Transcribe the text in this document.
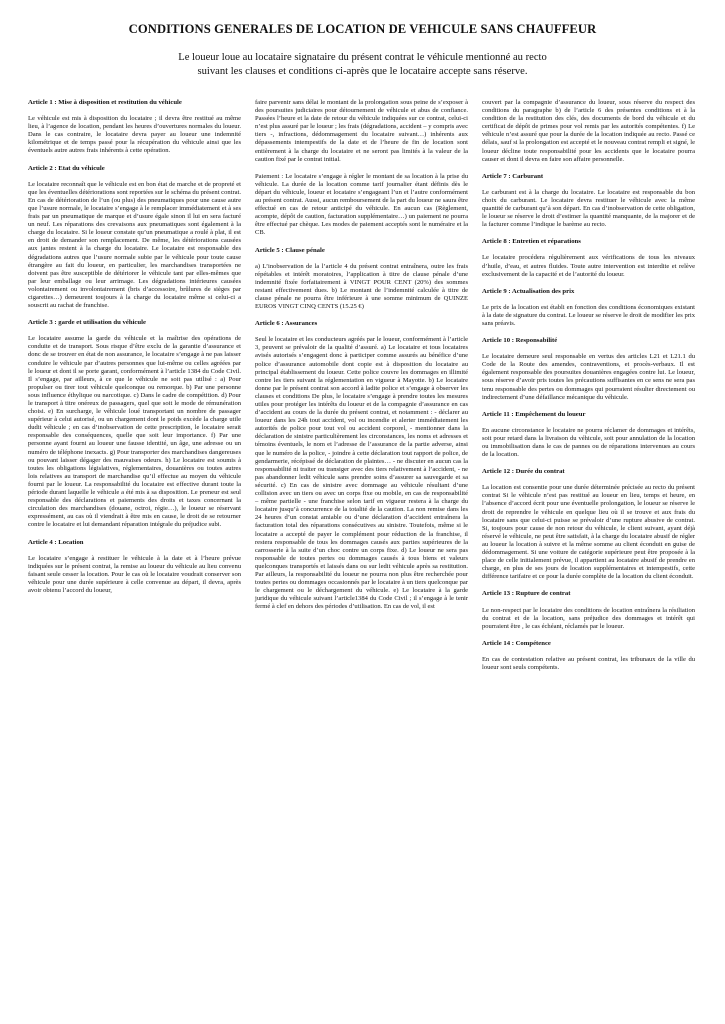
CONDITIONS GENERALES DE LOCATION DE VEHICULE SANS CHAUFFEUR
Le loueur loue au locataire signataire du présent contrat le véhicule mentionné au recto
suivant les clauses et conditions ci-après que le locataire accepte sans réserve.
Article 1 : Mise à disposition et restitution du véhicule

Le véhicule est mis à disposition du locataire ; il devra être restitué au même lieu, à l’agence de location, pendant les heures d’ouvertures normales du loueur. Dans le cas contraire, le locataire devra payer au loueur une indemnité kilométrique et de temps passé pour la récupération du véhicule ainsi que les éventuels autre autres frais inhérents à cette opération.

Article 2 : Etat du véhicule

Le locataire reconnaît que le véhicule est en bon état de marche et de propreté et que les éventuelles détériorations sont reportées sur le schéma du présent contrat. En cas de détérioration de l’un (ou plus) des pneumatiques pour une cause autre que l’usure normale, le locataire s’engage à le remplacer immédiatement et à ses frais par un pneumatique de marque et d’usure égale sinon il lui en sera facturé un neuf. Les réparations des crevaisons aux pneumatiques sont également à la charge du locataire. Si le loueur constate qu’un pneumatique a roulé à plat, il est en droit de demander son remplacement. De même, les détériorations causées aux jantes restent à la charge du locataire. Le locataire est responsable des dégradations autres que l’usure normale subie par le véhicule pour toute cause étrangère au fait du loueur, en particulier, les marchandises transportées ne doivent pas être susceptible de détériorer le véhicule tant par elles-mêmes que par leur emballage ou leur arrimage. Les dégradations intérieures causées volontairement ou involontairement (bris d’accessoire, brûlures de sièges par cigarettes…) demeurent toujours à la charge du locataire même si celui-ci a souscrit au rachat de franchise.

Article 3 : garde et utilisation du véhicule

Le locataire assume la garde du véhicule et la maîtrise des opérations de conduite et de transport. Sous risque d’être exclu de la garantie d’assurance et donc de se trouver en état de non assurance, le locataire s’engage à ne pas laisser conduire le véhicule par d’autres personnes que lui-même ou celles agréées par le loueur et dont il se porte garant, conformément à l’article 1384 du Code Civil. Il s’engage, par ailleurs, à ce que le véhicule ne soit pas utilisé : a) Pour propulser ou tirer tout véhicule quelconque ou remorque. b) Par une personne sous influence éthylique ou narcotique. c) Dans le cadre de compétition. d) Pour le transport à titre onéreux de passagers, quel que soit le mode de rémunération choisi. e) En surcharge, le véhicule loué transportant un nombre de passager supérieur à celui autorisé, ou un chargement dont le poids excède la charge utile dudit véhicule ; en cas d’inobservation de cette prescription, le locataire serait responsable des conséquences, quelle que soit leur importance. f) Par une personne ayant fourni au loueur une fausse identité, un âge, une adresse ou un numéro de téléphone inexacts. g) Pour transporter des marchandises dangereuses ou pouvant laisser dégager des mauvaises odeurs. h) Le locataire est soumis à toutes les obligations législatives, réglementaires, douanières ou toutes autres lois relatives au transport de marchandise qu’il effectue au moyen du véhicule fourni par le loueur. La responsabilité du locataire est effective durant toute la période durant laquelle le véhicule a été mis à sa disposition. Le preneur est seul responsable des déclarations et paiements des droits et taxes concernant la circulation des marchandises (douane, octroi, régie…), le loueur se réservant expressément, au cas où il viendrait à être mis en cause, le droit de se retourner contre le locataire et lui demandant réparation intégrale du préjudice subi.

Article 4 : Location

Le locataire s’engage à restituer le véhicule à la date et à l’heure prévue indiquées sur le présent contrat, la remise au loueur du véhicule au lieu convenu faisant seule cesser la location. Pour le cas où le locataire voudrait conserver son véhicule pour une durée supérieure à celle convenue au départ, il devra, après avoir obtenu l’accord du loueur,

faire parvenir sans délai le montant de la prolongation sous peine de s’exposer à des poursuites judiciaires pour détournement de véhicule et abus de confiance. Passées l’heure et la date de retour du véhicule indiquées sur ce contrat, celui-ci n’est plus assuré par le loueur ; les frais (dégradations, accident – y compris avec tiers -, infractions, dédommagement du locataire suivant…) inhérents aux dépassements intempestifs de la date et de l’heure de fin de location sont entièrement à la charge du locataire et ne seront pas limités à la valeur de la caution fixé par le contrat initial.

Paiement : Le locataire s’engage à régler le montant de sa location à la prise du véhicule. La durée de la location comme tarif journalier étant définis dès le départ du véhicule, loueur et locataire s’engageant l’un et l’autre conformément au présent contrat. Aussi, aucun remboursement de la part du loueur ne saura être effectué en cas de retour anticipé du véhicule. En aucun cas (Règlement, acompte, dépôt de caution, facturation supplémentaire…) un paiement ne pourra être effectué par chèque. Les modes de paiement acceptés sont le numéraire et la CB.

Article 5 : Clause pénale

a) L’inobservation de la l’article 4 du présent contrat entraînera, outre les frais répétables et intérêt moratoires, l’application à titre de clause pénale d’une indemnité fixée forfaitairement à VINGT POUR CENT (20%) des sommes restant effectivement dues. b) Le montant de l’indemnité calculée à titre de clause pénale ne pourra être inférieure à une somme minimum de QUINZE EUROS VINGT CINQ CENTS (15.25 €)

Article 6 : Assurances

Seul le locataire et les conducteurs agréés par le loueur, conformément à l’article 3, peuvent se prévaloir de la qualité d’assuré. a) Le locataire et tous locataires avisés autorisés s’engagent donc à participer comme assurés au bénéfice d’une police d’assurance automobile dont copie est à disposition du locataire au principal établissement du loueur. Cette police couvre les dommages en illimité contre les tiers suivant la réglementation en vigueur à Mayotte. b) Le locataire donne par le présent contrat son accord à ladite police et s’engage à observer les clauses et conditions De plus, le locataire s’engage à prendre toutes les mesures utiles pour protéger les intérêts du loueur et de la compagnie d’assurance en cas d’accident au cours de la durée du présent contrat, et notamment : - déclarer au loueur dans les 24h tout accident, vol ou incendie et alerter immédiatement les autorités de police pour tout vol ou accident corporel, - mentionner dans la déclaration de sinistre particulièrement les circonstances, les noms et adresses et témoins éventuels, le nom et l’adresse de l’assurance de la partie adverse, ainsi que le numéro de la police, - joindre à cette déclaration tout rapport de police, de gendarmerie, récépissé de déclaration de plaintes… - ne discuter en aucun cas la responsabilité ni traiter ou transiger avec des tiers relativement à l’accident, - ne pas abandonner ledit véhicule sans prendre soins d’assurer sa sauvegarde et sa sécurité. c) En cas de sinistre avec dommage au véhicule résultant d’une collision avec un tiers ou avec un corps fixe ou mobile, en cas de responsabilité – même partielle - une franchise selon tarif en vigueur restera à la charge du locataire jusqu’à concurrence de la totalité de la caution. La non remise dans les 24 heures d’un constat amiable ou d’une déclaration d’accident entraînera la facturation total des réparations consécutives au sinistre. Toutefois, même si le locataire a accepté de payer le complément pour réduction de la franchise, il restera responsable de tous les dommages causés aux parties supérieures de la carrosserie à la suite d’un choc contre un corps fixe. d) Le loueur ne sera pas responsable de toutes pertes ou dommages causés à tous biens et valeurs quelconques transportés et laissés dans ou sur ledit véhicule après sa restitution. Par ailleurs, la responsabilité du loueur ne pourra non plus être recherchée pour toutes pertes ou dommages occasionnés par le locataire à un tiers quelconque par le chargement ou le déchargement du véhicule. e) Le locataire à la garde juridique du véhicule suivant l’article1384 du Code Civil ; il s’engage à le tenir fermé à clef en dehors des périodes d’utilisation. En cas de vol, il est

couvert par la compagnie d’assurance du loueur, sous réserve du respect des conditions du paragraphe b) de l’article 6 des présentes conditions et à la condition de la restitution des clés, des documents de bord du véhicule et du certificat de dépôt de primes pour vol remis par les autorités compétentes. f) Le véhicule n’est assuré que pour la durée de la location indiquée au recto. Passé ce délais, sauf si la prolongation est accepté et le nouveau contrat rempli et signé, le loueur décline toute responsabilité pour les accidents que le locataire pourra causer et dont il devra en faire son affaire personnelle.

Article 7 : Carburant

Le carburant est à la charge du locataire. Le locataire est responsable du bon choix du carburant. Le locataire devra restituer le véhicule avec la même quantité de carburant qu’à son départ. En cas d’inobservation de cette obligation, le loueur se réserve le droit d’estimer la quantité manquante, de la majorer et de la facturer comme l’indique le barème au recto.

Article 8 : Entretien et réparations

Le locataire procédera régulièrement aux vérifications de tous les niveaux d’huile, d’eau, et autres fluides. Toute autre intervention est interdite et relève exclusivement de la capacité et de l’autorité du loueur.

Article 9 : Actualisation des prix

Le prix de la location est établi en fonction des conditions économiques existant à la date de signature du contrat. Le loueur se réserve le droit de modifier les prix sans préavis.

Article 10 : Responsabilité

Le locataire demeure seul responsable en vertus des articles L21 et L21.1 du Code de la Route des amendes, contraventions, et procès-verbaux. Il est également responsable des poursuites douanières engagées contre lui. Le loueur, sous réserve d’avoir pris toutes les précautions suffisantes en ce sens ne sera pas tenu responsable des pertes ou dommages qui pourraient résulter directement ou indirectement d’une défaillance mécanique du véhicule.

Article 11 : Empêchement du loueur

En aucune circonstance le locataire ne pourra réclamer de dommages et intérêts, soit pour retard dans la livraison du véhicule, soit pour annulation de la location ou immobilisation dans le cas de pannes ou de réparations intervenues au cours de la location.

Article 12 : Durée du contrat

La location est consentie pour une durée déterminée précisée au recto du présent contrat Si le véhicule n’est pas restitué au loueur en lieu, temps et heure, en l’absence d’accord écrit pour une éventuelle prolongation, le loueur se réserve le droit de reprendre le véhicule en quelque lieu où il se trouve et aux frais du locataire sans que celui-ci puisse se prévaloir d’une rupture abusive de contrat. Si, toujours pour cause de non retour du véhicule, le client suivant, ayant déjà réservé le véhicule, ne peut être satisfait, à la charge du locataire abusif de régler au loueur la location à suivre et la même somme au client éconduit en guise de dédommagement. Si une voiture de catégorie supérieure peut être proposée à la place de celle initialement prévue, il appartient au locataire abusif de prendre en charge, en plus de ses jours de location supplémentaires et intempestifs, cette différence tarifaire et ce pour la durée complète de la location du client éconduit.

Article 13 : Rupture de contrat

Le non-respect par le locataire des conditions de location entraînera la résiliation du contrat et de la location, sans préjudice des dommages et intérêt qui pourraient être , le cas échéant, réclamés par le loueur.

Article 14 : Compétence

En cas de contestation relative au présent contrat, les tribunaux de la ville du loueur sont seuls compétents.
